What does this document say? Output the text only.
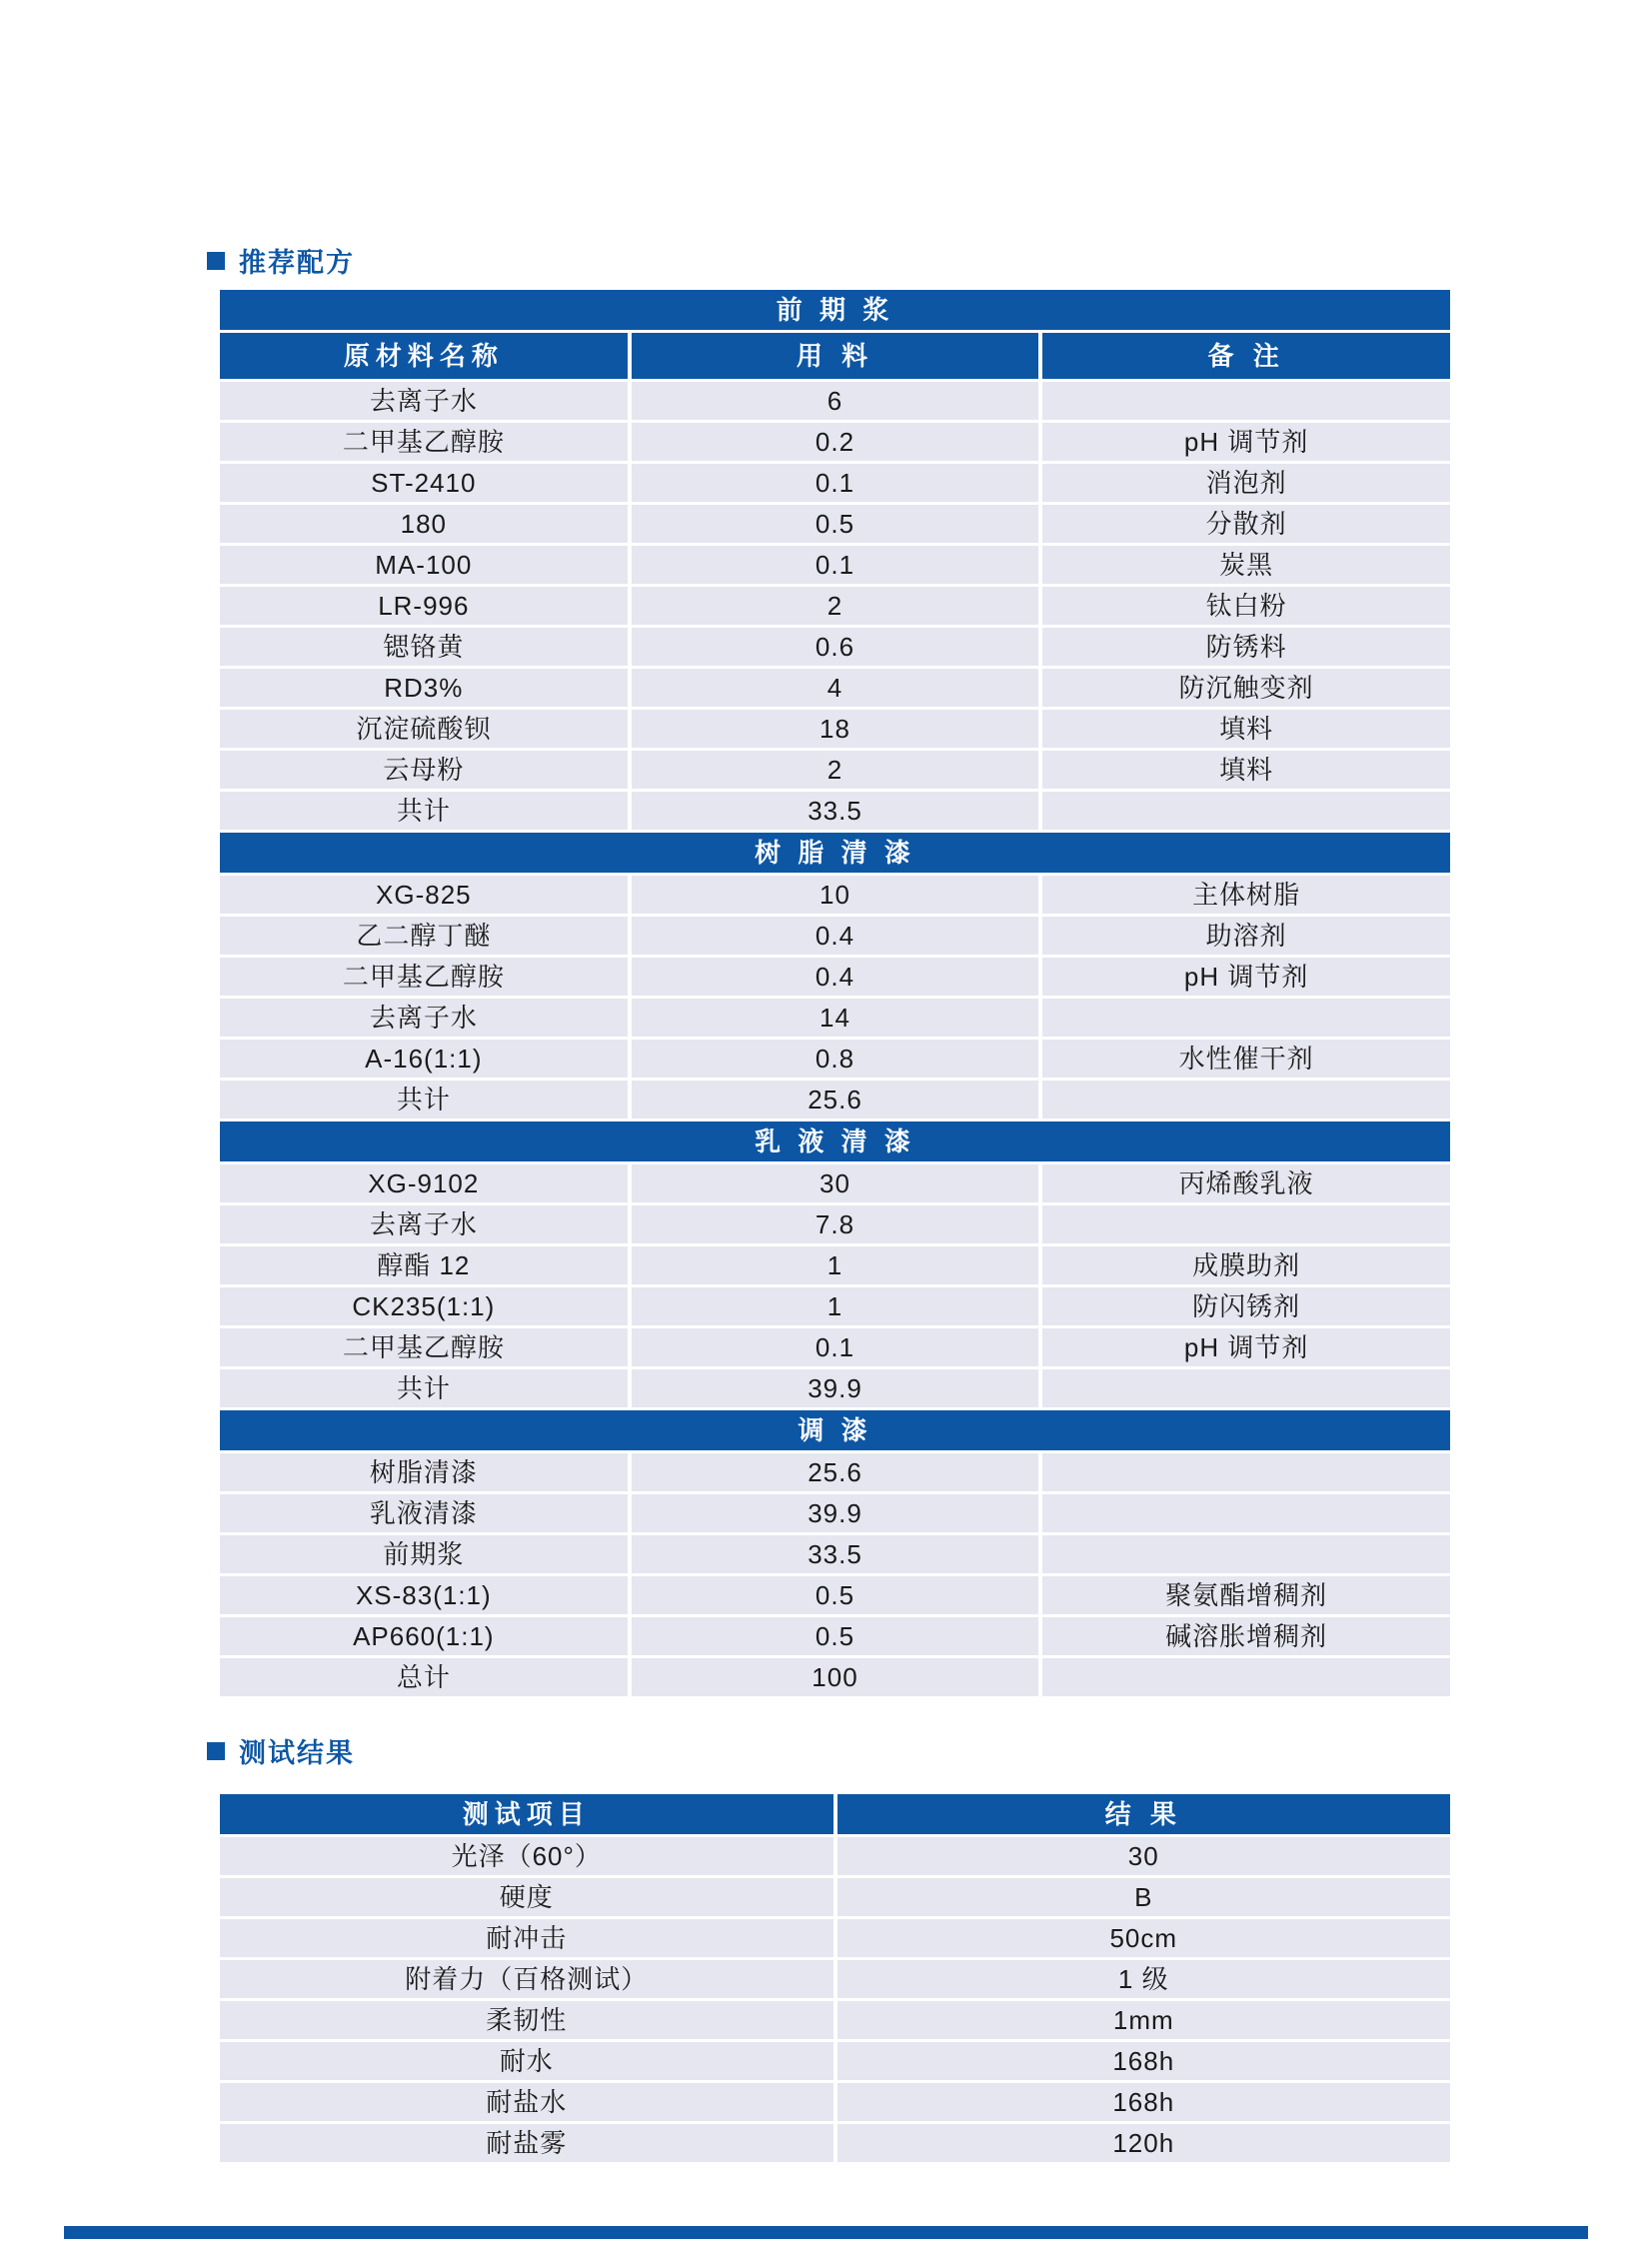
推荐配方
前 期 浆
原材料名称	用 料	备 注
去离子水	6
二甲基乙醇胺	0.2	pH 调节剂
ST-2410	0.1	消泡剂
180	0.5	分散剂
MA-100	0.1	炭黑
LR-996	2	钛白粉
锶铬黄	0.6	防锈料
RD3%	4	防沉触变剂
沉淀硫酸钡	18	填料
云母粉	2	填料
共计	33.5
树 脂 清 漆
XG-825	10	主体树脂
乙二醇丁醚	0.4	助溶剂
二甲基乙醇胺	0.4	pH 调节剂
去离子水	14
A-16(1:1)	0.8	水性催干剂
共计	25.6
乳 液 清 漆
XG-9102	30	丙烯酸乳液
去离子水	7.8
醇酯 12	1	成膜助剂
CK235(1:1)	1	防闪锈剂
二甲基乙醇胺	0.1	pH 调节剂
共计	39.9
调 漆
树脂清漆	25.6
乳液清漆	39.9
前期浆	33.5
XS-83(1:1)	0.5	聚氨酯增稠剂
AP660(1:1)	0.5	碱溶胀增稠剂
总计	100
测试结果
测试项目	结 果
光泽（60°）	30
硬度	B
耐冲击	50cm
附着力（百格测试）	1 级
柔韧性	1mm
耐水	168h
耐盐水	168h
耐盐雾	120h
